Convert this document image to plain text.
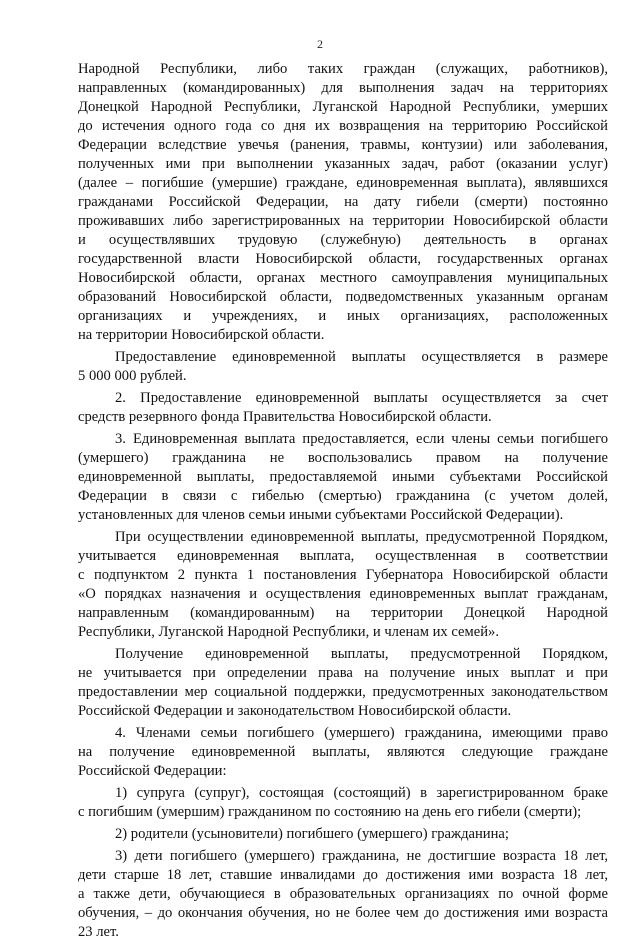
2
Народной Республики, либо таких граждан (служащих, работников),
направленных (командированных) для выполнения задач на территориях
Донецкой Народной Республики, Луганской Народной Республики, умерших
до истечения одного года со дня их возвращения на территорию Российской
Федерации вследствие увечья (ранения, травмы, контузии) или заболевания,
полученных ими при выполнении указанных задач, работ (оказании услуг)
(далее – погибшие (умершие) граждане, единовременная выплата), являвшихся
гражданами Российской Федерации, на дату гибели (смерти) постоянно
проживавших либо зарегистрированных на территории Новосибирской области
и осуществлявших трудовую (служебную) деятельность в органах
государственной власти Новосибирской области, государственных органах
Новосибирской области, органах местного самоуправления муниципальных
образований Новосибирской области, подведомственных указанным органам
организациях и учреждениях, и иных организациях, расположенных
на территории Новосибирской области.
Предоставление единовременной выплаты осуществляется в размере
5 000 000 рублей.
2. Предоставление единовременной выплаты осуществляется за счет
средств резервного фонда Правительства Новосибирской области.
3. Единовременная выплата предоставляется, если члены семьи погибшего
(умершего) гражданина не воспользовались правом на получение
единовременной выплаты, предоставляемой иными субъектами Российской
Федерации в связи с гибелью (смертью) гражданина (с учетом долей,
установленных для членов семьи иными субъектами Российской Федерации).
При осуществлении единовременной выплаты, предусмотренной Порядком,
учитывается единовременная выплата, осуществленная в соответствии
с подпунктом 2 пункта 1 постановления Губернатора Новосибирской области
«О порядках назначения и осуществления единовременных выплат гражданам,
направленным (командированным) на территории Донецкой Народной
Республики, Луганской Народной Республики, и членам их семей».
Получение единовременной выплаты, предусмотренной Порядком,
не учитывается при определении права на получение иных выплат и при
предоставлении мер социальной поддержки, предусмотренных законодательством
Российской Федерации и законодательством Новосибирской области.
4. Членами семьи погибшего (умершего) гражданина, имеющими право
на получение единовременной выплаты, являются следующие граждане
Российской Федерации:
1) супруга (супруг), состоящая (состоящий) в зарегистрированном браке
с погибшим (умершим) гражданином по состоянию на день его гибели (смерти);
2) родители (усыновители) погибшего (умершего) гражданина;
3) дети погибшего (умершего) гражданина, не достигшие возраста 18 лет,
дети старше 18 лет, ставшие инвалидами до достижения ими возраста 18 лет,
а также дети, обучающиеся в образовательных организациях по очной форме
обучения, – до окончания обучения, но не более чем до достижения ими возраста
23 лет.
